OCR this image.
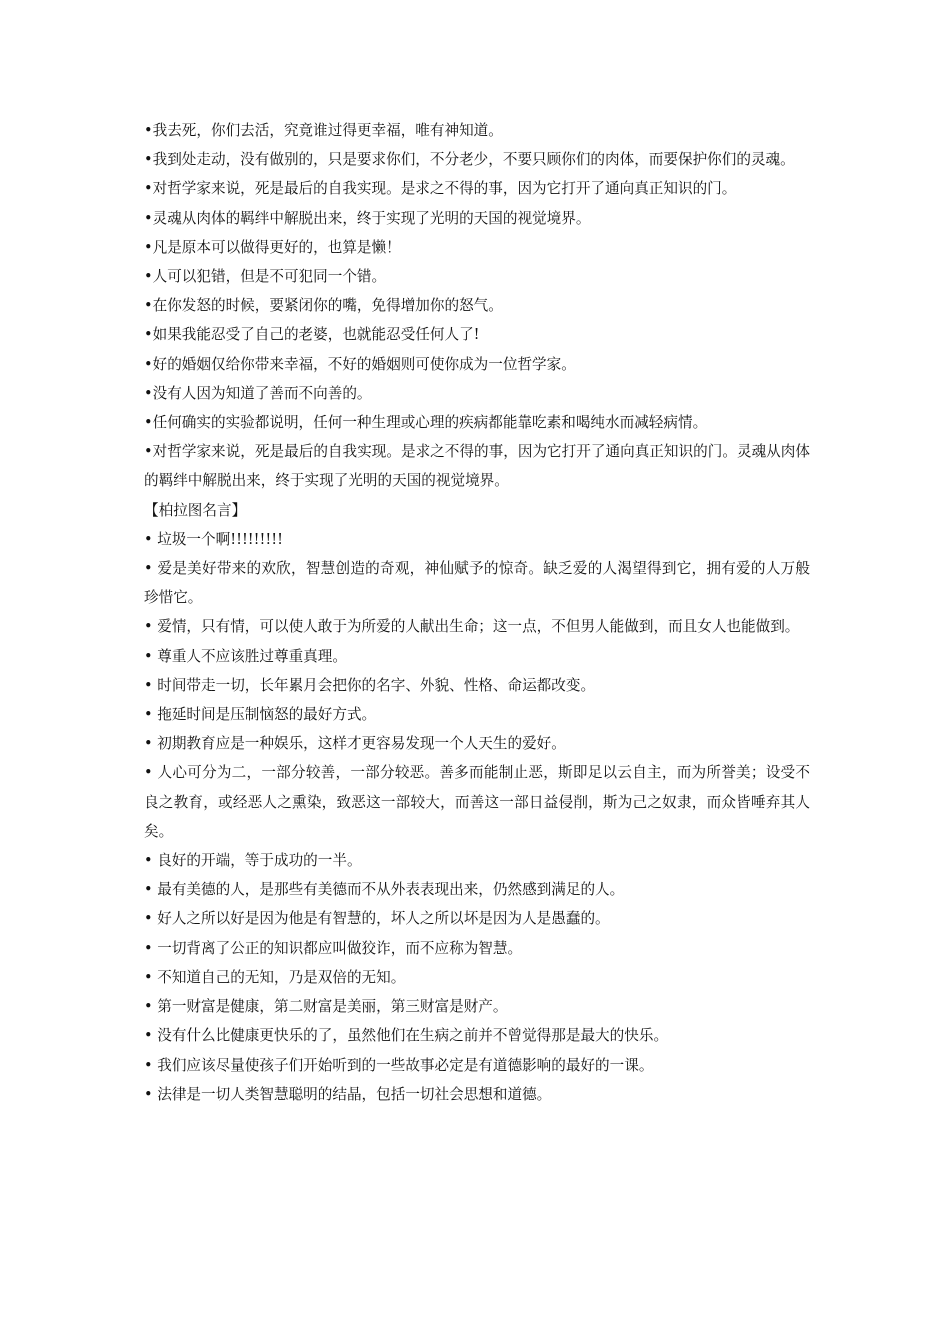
•我去死，你们去活，究竟谁过得更幸福，唯有神知道。

•我到处走动，没有做别的，只是要求你们，不分老少，不要只顾你们的肉体，而要保护你们的灵魂。

•对哲学家来说，死是最后的自我实现。是求之不得的事，因为它打开了通向真正知识的门。

•灵魂从肉体的羁绊中解脱出来，终于实现了光明的天国的视觉境界。

•凡是原本可以做得更好的，也算是懒！

•人可以犯错，但是不可犯同一个错。

•在你发怒的时候，要紧闭你的嘴，免得增加你的怒气。

•如果我能忍受了自己的老婆，也就能忍受任何人了!

•好的婚姻仅给你带来幸福，不好的婚姻则可使你成为一位哲学家。

•没有人因为知道了善而不向善的。

•任何确实的实验都说明，任何一种生理或心理的疾病都能靠吃素和喝纯水而减轻病情。

•对哲学家来说，死是最后的自我实现。是求之不得的事，因为它打开了通向真正知识的门。灵魂从肉体的羁绊中解脱出来，终于实现了光明的天国的视觉境界。

【柏拉图名言】

• 垃圾一个啊!!!!!!!!!

• 爱是美好带来的欢欣，智慧创造的奇观，神仙赋予的惊奇。缺乏爱的人渴望得到它，拥有爱的人万般珍惜它。

• 爱情，只有情，可以使人敢于为所爱的人献出生命；这一点，不但男人能做到，而且女人也能做到。

• 尊重人不应该胜过尊重真理。

• 时间带走一切，长年累月会把你的名字、外貌、性格、命运都改变。

• 拖延时间是压制恼怒的最好方式。

• 初期教育应是一种娱乐，这样才更容易发现一个人天生的爱好。

• 人心可分为二，一部分较善，一部分较恶。善多而能制止恶，斯即足以云自主，而为所誉美；设受不良之教育，或经恶人之熏染，致恶这一部较大，而善这一部日益侵削，斯为己之奴隶，而众皆唾弃其人矣。

• 良好的开端，等于成功的一半。

• 最有美德的人，是那些有美德而不从外表表现出来，仍然感到满足的人。

• 好人之所以好是因为他是有智慧的，坏人之所以坏是因为人是愚蠢的。

• 一切背离了公正的知识都应叫做狡诈，而不应称为智慧。

• 不知道自己的无知，乃是双倍的无知。

• 第一财富是健康，第二财富是美丽，第三财富是财产。

• 没有什么比健康更快乐的了，虽然他们在生病之前并不曾觉得那是最大的快乐。

• 我们应该尽量使孩子们开始听到的一些故事必定是有道德影响的最好的一课。

• 法律是一切人类智慧聪明的结晶，包括一切社会思想和道德。
